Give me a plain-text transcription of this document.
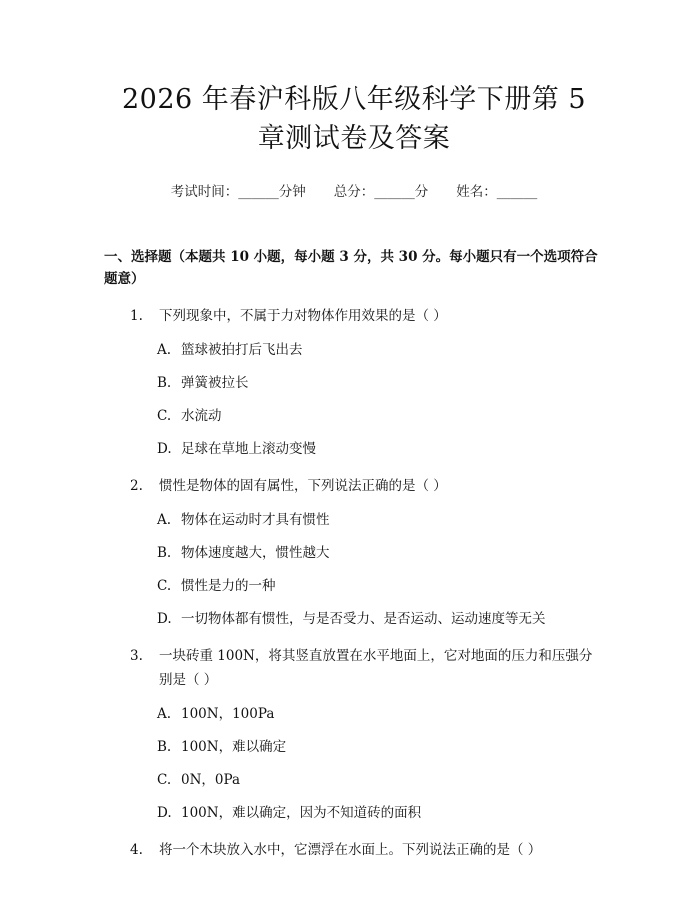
2026 年春沪科版八年级科学下册第 5 章测试卷及答案
考试时间：______分钟 总分：______分 姓名：______
一、选择题（本题共 10 小题，每小题 3 分，共 30 分。每小题只有一个选项符合题意）
1.	下列现象中，不属于力对物体作用效果的是（ ）
A. 篮球被拍打后飞出去
B. 弹簧被拉长
C. 水流动
D. 足球在草地上滚动变慢
2.	惯性是物体的固有属性，下列说法正确的是（ ）
A. 物体在运动时才具有惯性
B. 物体速度越大，惯性越大
C. 惯性是力的一种
D. 一切物体都有惯性，与是否受力、是否运动、运动速度等无关
3.	一块砖重 100N，将其竖直放置在水平地面上，它对地面的压力和压强分别是（ ）
A. 100N，100Pa
B. 100N，难以确定
C. 0N，0Pa
D. 100N，难以确定，因为不知道砖的面积
4.	将一个木块放入水中，它漂浮在水面上。下列说法正确的是（ ）
